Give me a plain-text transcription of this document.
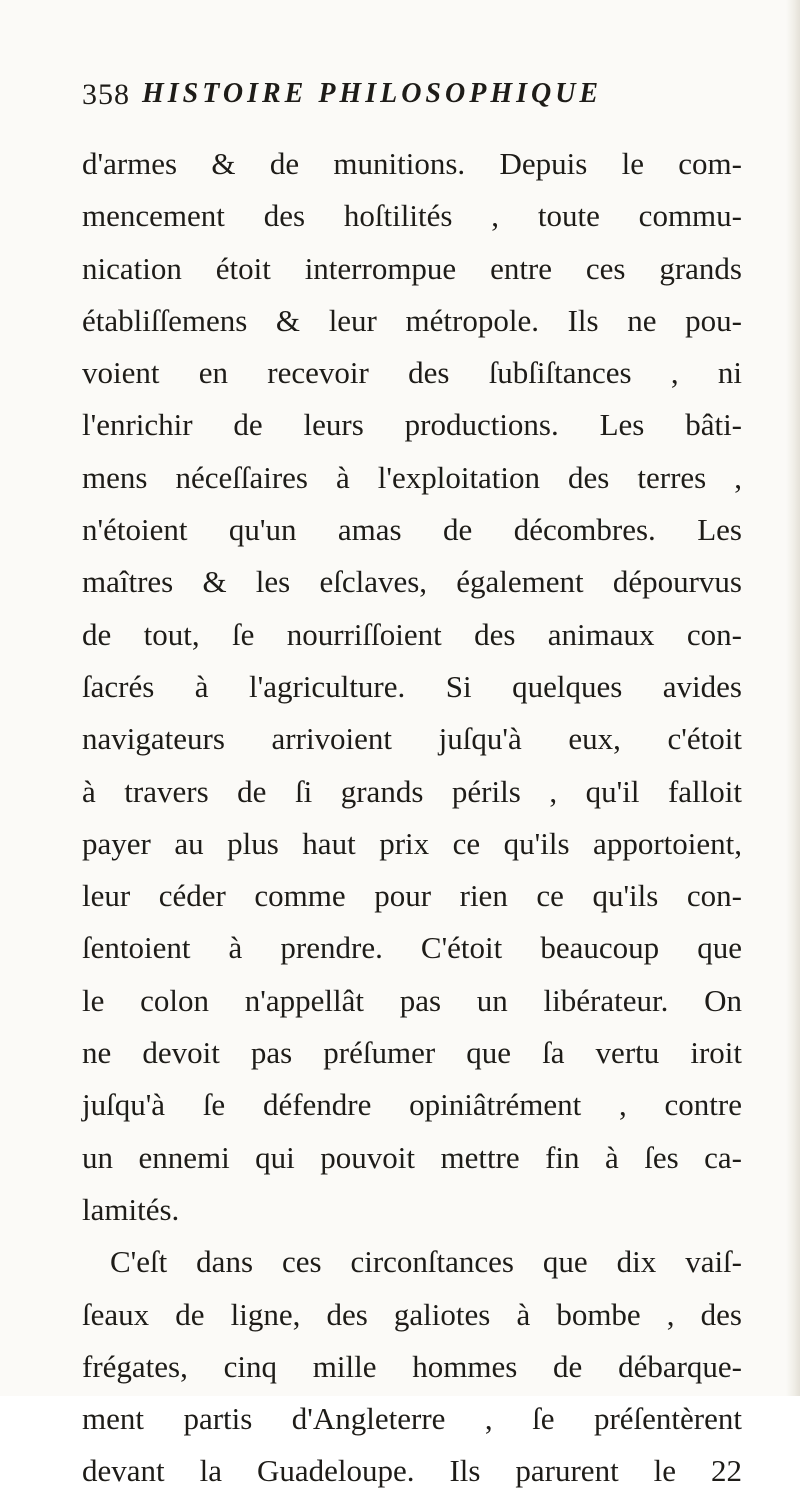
358 HISTOIRE PHILOSOPHIQUE
d'armes & de munitions. Depuis le com-
mencement des hoſtilités , toute commu-
nication étoit interrompue entre ces grands
établiſſemens & leur métropole. Ils ne pou-
voient en recevoir des ſubſiſtances , ni
l'enrichir de leurs productions. Les bâti-
mens néceſſaires à l'exploitation des terres ,
n'étoient qu'un amas de décombres. Les
maîtres & les eſclaves, également dépourvus
de tout, ſe nourriſſoient des animaux con-
ſacrés à l'agriculture. Si quelques avides
navigateurs arrivoient juſqu'à eux, c'étoit
à travers de ſi grands périls , qu'il falloit
payer au plus haut prix ce qu'ils apportoient,
leur céder comme pour rien ce qu'ils con-
ſentoient à prendre. C'étoit beaucoup que
le colon n'appellât pas un libérateur. On
ne devoit pas préſumer que ſa vertu iroit
juſqu'à ſe défendre opiniâtrément , contre
un ennemi qui pouvoit mettre fin à ſes ca-
lamités.
C'eſt dans ces circonſtances que dix vaiſ-
ſeaux de ligne, des galiotes à bombe , des
frégates, cinq mille hommes de débarque-
ment partis d'Angleterre , ſe préſentèrent
devant la Guadeloupe. Ils parurent le 22
